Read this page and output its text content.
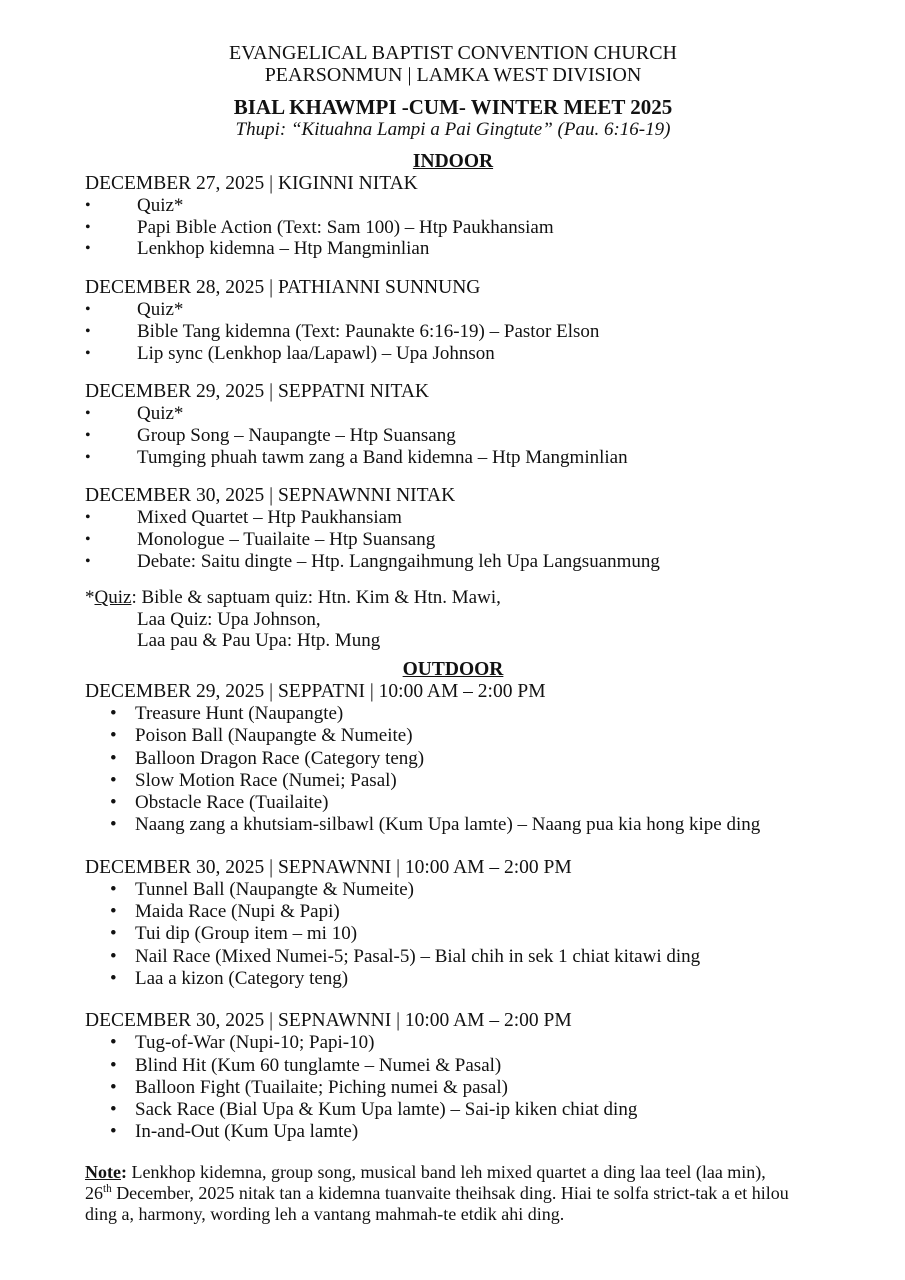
EVANGELICAL BAPTIST CONVENTION CHURCH
PEARSONMUN | LAMKA WEST DIVISION
BIAL KHAWMPI -CUM- WINTER MEET 2025
Thupi: “Kituahna Lampi a Pai Gingtute” (Pau. 6:16-19)
INDOOR
DECEMBER 27, 2025 | KIGINNI NITAK
•	Quiz*
•	Papi Bible Action (Text: Sam 100) – Htp Paukhansiam
•	Lenkhop kidemna – Htp Mangminlian
DECEMBER 28, 2025 | PATHIANNI SUNNUNG
•	Quiz*
•	Bible Tang kidemna (Text: Paunakte 6:16-19) – Pastor Elson
•	Lip sync (Lenkhop laa/Lapawl) – Upa Johnson
DECEMBER 29, 2025 | SEPPATNI NITAK
•	Quiz*
•	Group Song – Naupangte – Htp Suansang
•	Tumging phuah tawm zang a Band kidemna – Htp Mangminlian
DECEMBER 30, 2025 | SEPNAWNNI NITAK
•	Mixed Quartet – Htp Paukhansiam
•	Monologue – Tuailaite – Htp Suansang
•	Debate: Saitu dingte – Htp. Langngaihmung leh Upa Langsuanmung
*Quiz: Bible & saptuam quiz: Htn. Kim & Htn. Mawi,
Laa Quiz: Upa Johnson,
Laa pau & Pau Upa: Htp. Mung
OUTDOOR
DECEMBER 29, 2025 | SEPPATNI | 10:00 AM – 2:00 PM
• Treasure Hunt (Naupangte)
• Poison Ball (Naupangte & Numeite)
• Balloon Dragon Race (Category teng)
• Slow Motion Race (Numei; Pasal)
• Obstacle Race (Tuailaite)
• Naang zang a khutsiam-silbawl (Kum Upa lamte) – Naang pua kia hong kipe ding
DECEMBER 30, 2025 | SEPNAWNNI | 10:00 AM – 2:00 PM
• Tunnel Ball (Naupangte & Numeite)
• Maida Race (Nupi & Papi)
• Tui dip (Group item – mi 10)
• Nail Race (Mixed Numei-5; Pasal-5) – Bial chih in sek 1 chiat kitawi ding
• Laa a kizon (Category teng)
DECEMBER 30, 2025 | SEPNAWNNI | 10:00 AM – 2:00 PM
• Tug-of-War (Nupi-10; Papi-10)
• Blind Hit (Kum 60 tunglamte – Numei & Pasal)
• Balloon Fight (Tuailaite; Piching numei & pasal)
• Sack Race (Bial Upa & Kum Upa lamte) – Sai-ip kiken chiat ding
• In-and-Out (Kum Upa lamte)
Note: Lenkhop kidemna, group song, musical band leh mixed quartet a ding laa teel (laa min),
26th December, 2025 nitak tan a kidemna tuanvaite theihsak ding. Hiai te solfa strict-tak a et hilou
ding a, harmony, wording leh a vantang mahmah-te etdik ahi ding.
